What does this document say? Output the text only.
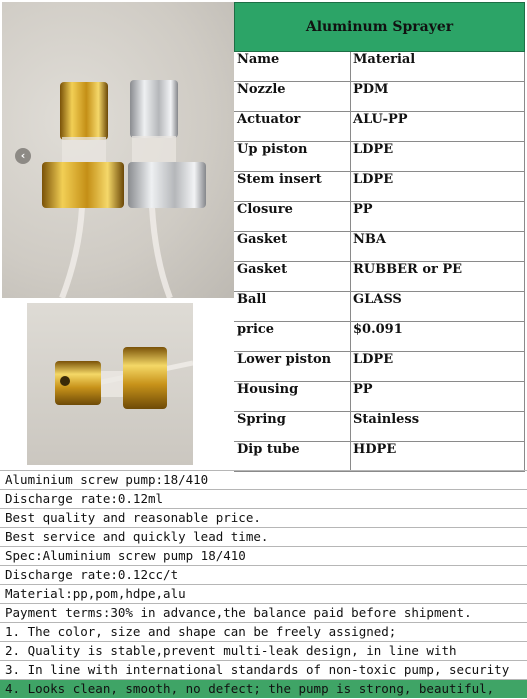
‹
Aluminum Sprayer
Name	Material
Nozzle	PDM
Actuator	ALU-PP
Up piston	LDPE
Stem insert	LDPE
Closure	PP
Gasket	NBA
Gasket	RUBBER or PE
Ball	GLASS
price	$0.091
Lower piston	LDPE
Housing	PP
Spring	Stainless
Dip tube	HDPE
Aluminium screw pump:18/410
Discharge rate:0.12ml
Best quality and reasonable price.
Best service and quickly lead time.
Spec:Aluminium screw pump 18/410
Discharge rate:0.12cc/t
Material:pp,pom,hdpe,alu
Payment terms:30% in advance,the balance paid before shipment.
1. The color, size and shape can be freely assigned;
2. Quality is stable,prevent multi-leak design, in line with
3. In line with international standards of non-toxic pump, security
4. Looks clean, smooth, no defect; the pump is strong, beautiful,
